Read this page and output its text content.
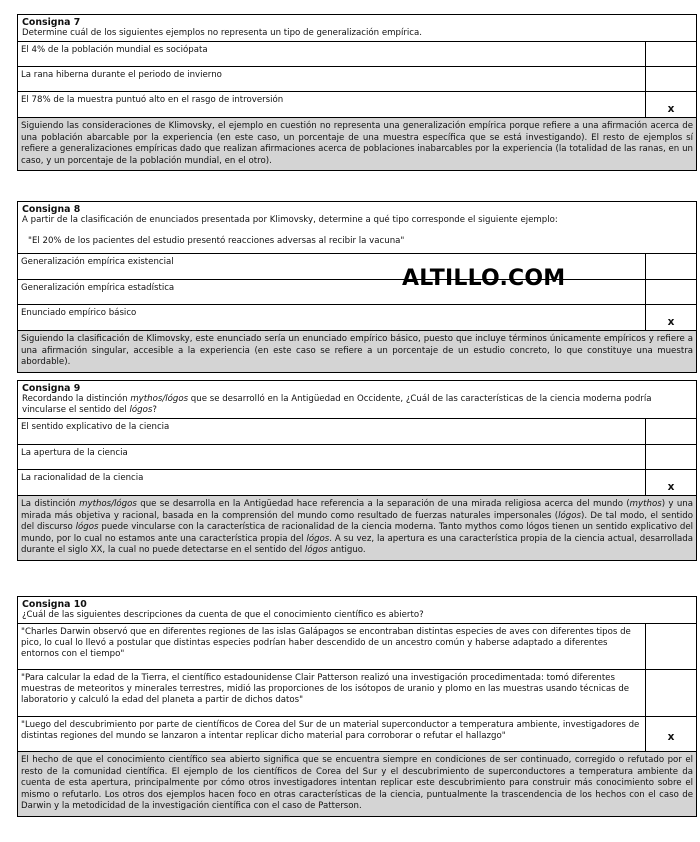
Consigna 7
Determine cuál de los siguientes ejemplos no representa un tipo de generalización empírica.
El 4% de la población mundial es sociópata
La rana hiberna durante el periodo de invierno
El 78% de la muestra puntuó alto en el rasgo de introversión
x
Siguiendo las consideraciones de Klimovsky, el ejemplo en cuestión no representa una generalización empírica porque refiere a una afirmación acerca de una población abarcable por la experiencia (en este caso, un porcentaje de una muestra específica que se está investigando). El resto de ejemplos sí refiere a generalizaciones empíricas dado que realizan afirmaciones acerca de poblaciones inabarcables por la experiencia (la totalidad de las ranas, en un caso, y un porcentaje de la población mundial, en el otro).
Consigna 8
A partir de la clasificación de enunciados presentada por Klimovsky, determine a qué tipo corresponde el siguiente ejemplo:
"El 20% de los pacientes del estudio presentó reacciones adversas al recibir la vacuna"
Generalización empírica existencial
Generalización empírica estadística
Enunciado empírico básico
x
Siguiendo la clasificación de Klimovsky, este enunciado sería un enunciado empírico básico, puesto que incluye términos únicamente empíricos y refiere a una afirmación singular, accesible a la experiencia (en este caso se refiere a un porcentaje de un estudio concreto, lo que constituye una muestra abordable).
Consigna 9
Recordando la distinción mythos/lógos que se desarrolló en la Antigüedad en Occidente, ¿Cuál de las características de la ciencia moderna podría vincularse el sentido del lógos?
El sentido explicativo de la ciencia
La apertura de la ciencia
La racionalidad de la ciencia
x
La distinción mythos/lógos que se desarrolla en la Antigüedad hace referencia a la separación de una mirada religiosa acerca del mundo (mythos) y una mirada más objetiva y racional, basada en la comprensión del mundo como resultado de fuerzas naturales impersonales (lógos). De tal modo, el sentido del discurso lógos puede vincularse con la característica de racionalidad de la ciencia moderna. Tanto mythos como lógos tienen un sentido explicativo del mundo, por lo cual no estamos ante una característica propia del lógos. A su vez, la apertura es una característica propia de la ciencia actual, desarrollada durante el siglo XX, la cual no puede detectarse en el sentido del lógos antiguo.
Consigna 10
¿Cuál de las siguientes descripciones da cuenta de que el conocimiento científico es abierto?
"Charles Darwin observó que en diferentes regiones de las islas Galápagos se encontraban distintas especies de aves con diferentes tipos de pico, lo cual lo llevó a postular que distintas especies podrían haber descendido de un ancestro común y haberse adaptado a diferentes entornos con el tiempo"
"Para calcular la edad de la Tierra, el científico estadounidense Clair Patterson realizó una investigación procedimentada: tomó diferentes muestras de meteoritos y minerales terrestres, midió las proporciones de los isótopos de uranio y plomo en las muestras usando técnicas de laboratorio y calculó la edad del planeta a partir de dichos datos"
"Luego del descubrimiento por parte de científicos de Corea del Sur de un material superconductor a temperatura ambiente, investigadores de distintas regiones del mundo se lanzaron a intentar replicar dicho material para corroborar o refutar el hallazgo"	x
El hecho de que el conocimiento científico sea abierto significa que se encuentra siempre en condiciones de ser continuado, corregido o refutado por el resto de la comunidad científica. El ejemplo de los científicos de Corea del Sur y el descubrimiento de superconductores a temperatura ambiente da cuenta de esta apertura, principalmente por cómo otros investigadores intentan replicar este descubrimiento para construir más conocimiento sobre el mismo o refutarlo. Los otros dos ejemplos hacen foco en otras características de la ciencia, puntualmente la trascendencia de los hechos con el caso de Darwin y la metodicidad de la investigación científica con el caso de Patterson.
ALTILLO.COM
